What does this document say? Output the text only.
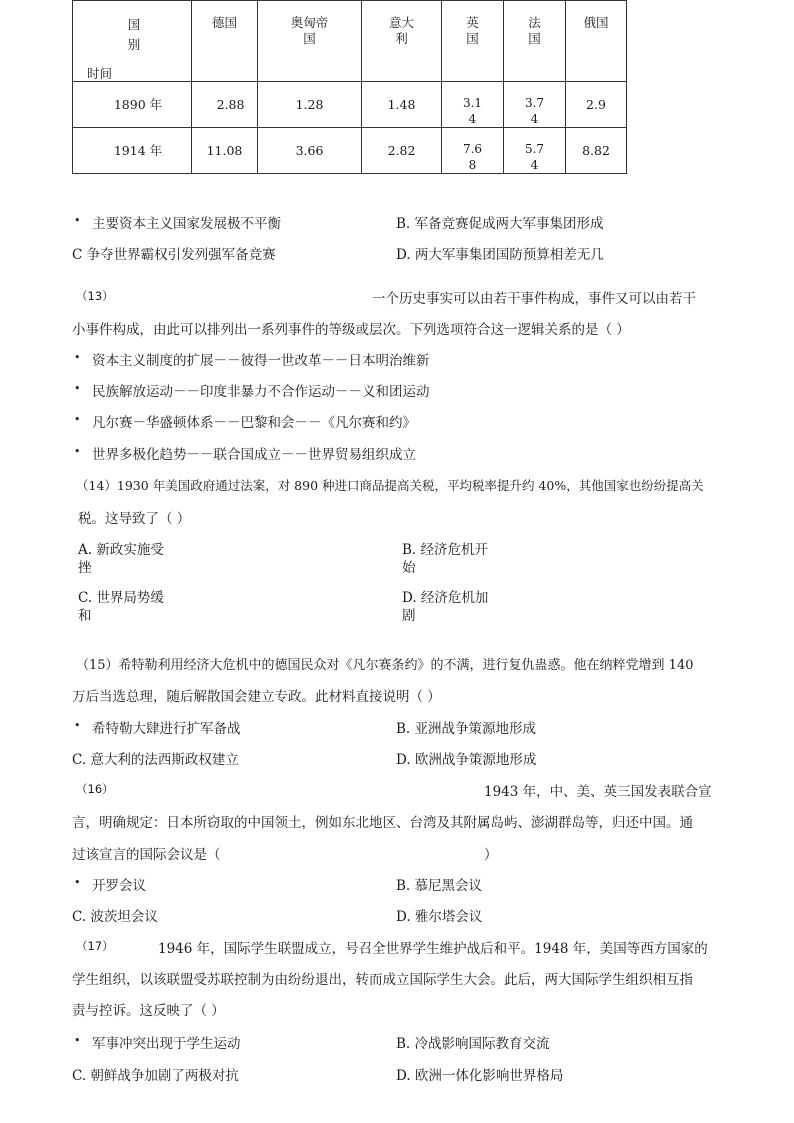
国别
时间	德国	奥匈帝国	意大利	英国	法国	俄国

1890 年	2.88	1.28	1.48	3.14	3.74	2.9
1914 年	11.08	3.66	2.82	7.68	5.74	8.82
• 主要资本主义国家发展极不平衡	B. 军备竞赛促成两大军事集团形成
C 争夺世界霸权引发列强军备竞赛	D. 两大军事集团国防预算相差无几
（13）	一个历史事实可以由若干事件构成，事件又可以由若干
小事件构成，由此可以排列出一系列事件的等级或层次。下列选项符合这一逻辑关系的是（ ）
• 资本主义制度的扩展－－彼得一世改革－－日本明治维新
• 民族解放运动－－印度非暴力不合作运动－－义和团运动
• 凡尔赛－华盛顿体系－－巴黎和会－－《凡尔赛和约》
• 世界多极化趋势－－联合国成立－－世界贸易组织成立
（14）1930 年美国政府通过法案，对 890 种进口商品提高关税，平均税率提升约 40%，其他国家也纷纷提高关
税。这导致了（ ）
A. 新政实施受
挫
B. 经济危机开
始
C. 世界局势缓
和
D. 经济危机加
剧
（15）希特勒利用经济大危机中的德国民众对《凡尔赛条约》的不满，进行复仇蛊惑。他在纳粹党增到 140
万后当选总理，随后解散国会建立专政。此材料直接说明（ ）
• 希特勒大肆进行扩军备战	B. 亚洲战争策源地形成
C. 意大利的法西斯政权建立	D. 欧洲战争策源地形成
（16）	1943 年，中、美、英三国发表联合宣
言，明确规定：日本所窃取的中国领土，例如东北地区、台湾及其附属岛屿、澎湖群岛等，归还中国。通
过该宣言的国际会议是（	）
• 开罗会议	B. 慕尼黑会议
C. 波茨坦会议	D. 雅尔塔会议
（17）	1946 年，国际学生联盟成立，号召全世界学生维护战后和平。1948 年，美国等西方国家的
学生组织，以该联盟受苏联控制为由纷纷退出，转而成立国际学生大会。此后，两大国际学生组织相互指
责与控诉。这反映了（ ）
• 军事冲突出现于学生运动	B. 冷战影响国际教育交流
C. 朝鲜战争加剧了两极对抗	D. 欧洲一体化影响世界格局
